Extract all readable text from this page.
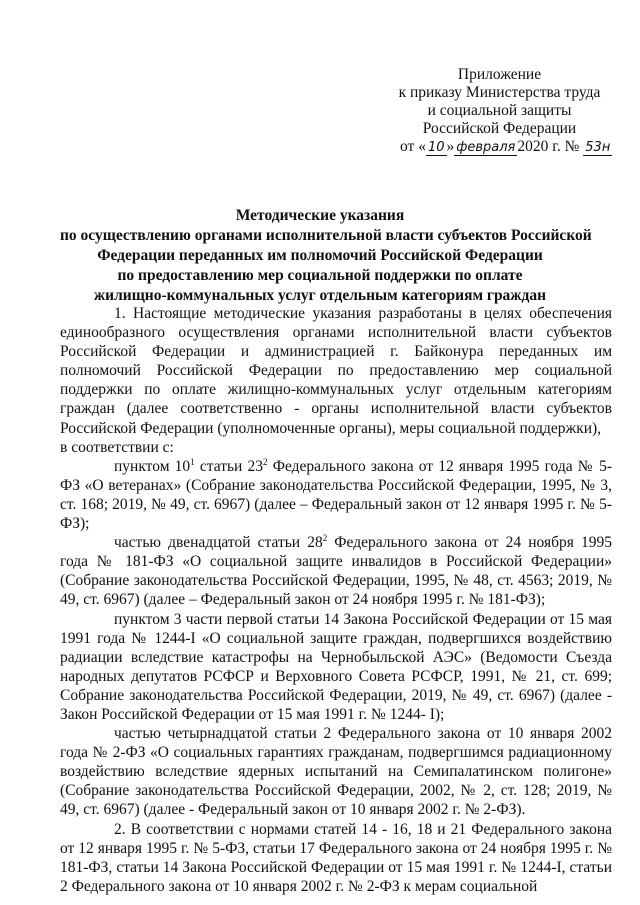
Приложение
к приказу Министерства труда
и социальной защиты
Российской Федерации
от « 10 » февраля 2020 г. № 53н
Методические указания
по осуществлению органами исполнительной власти субъектов Российской
Федерации переданных им полномочий Российской Федерации
по предоставлению мер социальной поддержки по оплате
жилищно-коммунальных услуг отдельным категориям граждан

1. Настоящие методические указания разработаны в целях обеспечения единообразного осуществления органами исполнительной власти субъектов Российской Федерации и администрацией г. Байконура переданных им полномочий Российской Федерации по предоставлению мер социальной поддержки по оплате жилищно-коммунальных услуг отдельным категориям граждан (далее соответственно - органы исполнительной власти субъектов Российской Федерации (уполномоченные органы), меры социальной поддержки),

в соответствии с:

пунктом $10^1$ статьи $23^2$ Федерального закона от 12 января 1995 года № 5-ФЗ «О ветеранах» (Собрание законодательства Российской Федерации, 1995, № 3, ст. 168; 2019, № 49, ст. 6967) (далее – Федеральный закон от 12 января 1995 г. № 5-ФЗ);

частью двенадцатой статьи $28^2$ Федерального закона от 24 ноября 1995 года № 181-ФЗ «О социальной защите инвалидов в Российской Федерации» (Собрание законодательства Российской Федерации, 1995, № 48, ст. 4563; 2019, № 49, ст. 6967) (далее – Федеральный закон от 24 ноября 1995 г. № 181-ФЗ);

пунктом 3 части первой статьи 14 Закона Российской Федерации от 15 мая 1991 года № 1244-I «О социальной защите граждан, подвергшихся воздействию радиации вследствие катастрофы на Чернобыльской АЭС» (Ведомости Съезда народных депутатов РСФСР и Верховного Совета РСФСР, 1991, № 21, ст. 699; Собрание законодательства Российской Федерации, 2019, № 49, ст. 6967) (далее - Закон Российской Федерации от 15 мая 1991 г. № 1244- I);

частью четырнадцатой статьи 2 Федерального закона от 10 января 2002 года № 2-ФЗ «О социальных гарантиях гражданам, подвергшимся радиационному воздействию вследствие ядерных испытаний на Семипалатинском полигоне» (Собрание законодательства Российской Федерации, 2002, № 2, ст. 128; 2019, № 49, ст. 6967) (далее - Федеральный закон от 10 января 2002 г. № 2-ФЗ).

2. В соответствии с нормами статей 14 - 16, 18 и 21 Федерального закона от 12 января 1995 г. № 5-ФЗ, статьи 17 Федерального закона от 24 ноября 1995 г. № 181-ФЗ, статьи 14 Закона Российской Федерации от 15 мая 1991 г. № 1244-I, статьи 2 Федерального закона от 10 января 2002 г. № 2-ФЗ к мерам социальной
